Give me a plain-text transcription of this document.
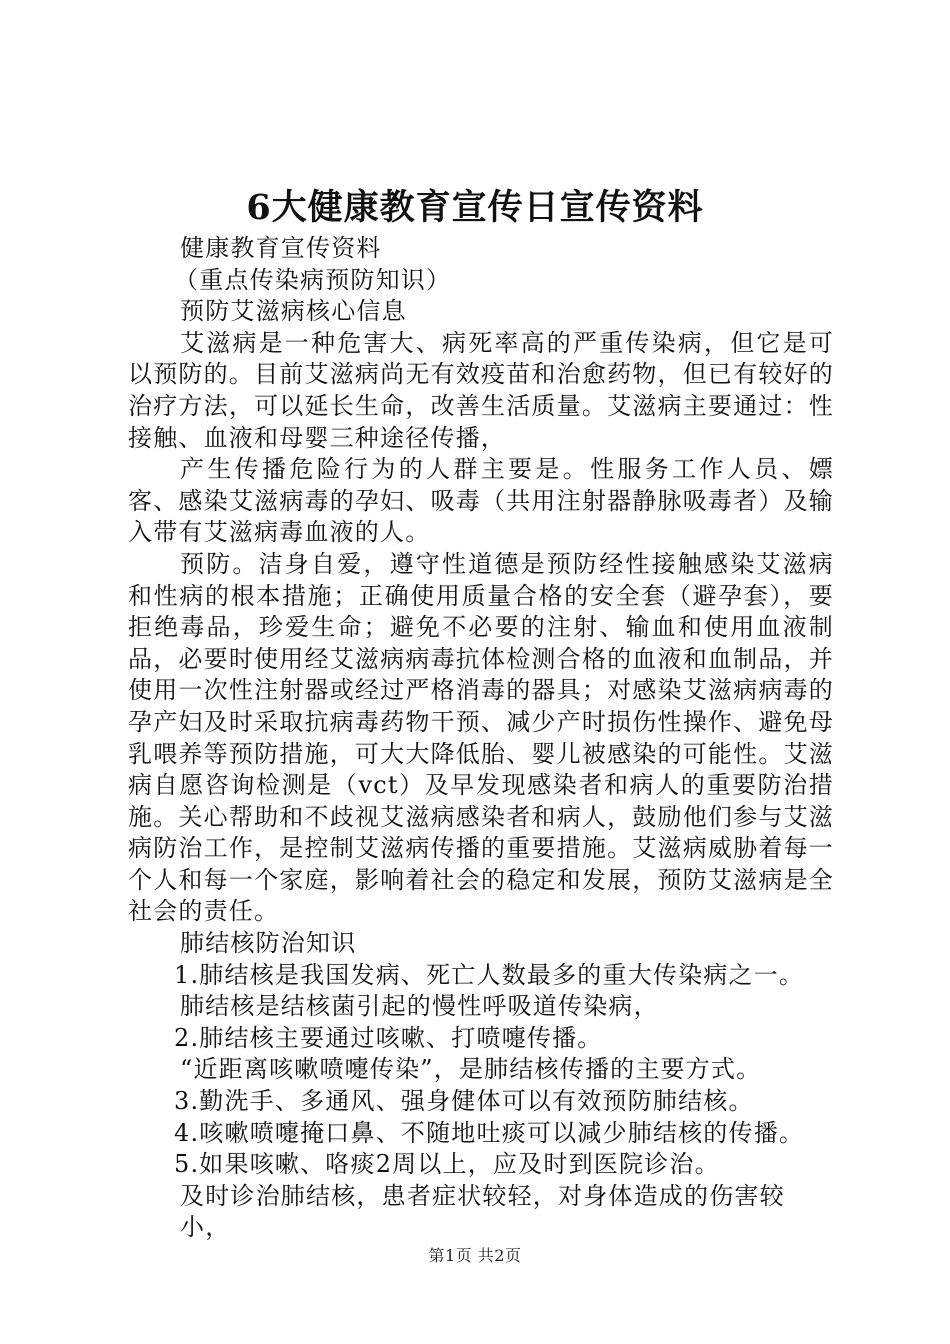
6大健康教育宣传日宣传资料

健康教育宣传资料

（重点传染病预防知识）

预防艾滋病核心信息

艾滋病是一种危害大、病死率高的严重传染病，但它是可以预防的。目前艾滋病尚无有效疫苗和治愈药物，但已有较好的治疗方法，可以延长生命，改善生活质量。艾滋病主要通过：性接触、血液和母婴三种途径传播，

产生传播危险行为的人群主要是。性服务工作人员、嫖客、感染艾滋病毒的孕妇、吸毒（共用注射器静脉吸毒者）及输入带有艾滋病毒血液的人。

预防。洁身自爱，遵守性道德是预防经性接触感染艾滋病和性病的根本措施；正确使用质量合格的安全套（避孕套），要拒绝毒品，珍爱生命；避免不必要的注射、输血和使用血液制品，必要时使用经艾滋病病毒抗体检测合格的血液和血制品，并使用一次性注射器或经过严格消毒的器具；对感染艾滋病病毒的孕产妇及时采取抗病毒药物干预、减少产时损伤性操作、避免母乳喂养等预防措施，可大大降低胎、婴儿被感染的可能性。艾滋病自愿咨询检测是（vct）及早发现感染者和病人的重要防治措施。关心帮助和不歧视艾滋病感染者和病人，鼓励他们参与艾滋病防治工作，是控制艾滋病传播的重要措施。艾滋病威胁着每一个人和每一个家庭，影响着社会的稳定和发展，预防艾滋病是全社会的责任。

肺结核防治知识

1.肺结核是我国发病、死亡人数最多的重大传染病之一。

肺结核是结核菌引起的慢性呼吸道传染病，

2.肺结核主要通过咳嗽、打喷嚏传播。

“近距离咳嗽喷嚏传染”，是肺结核传播的主要方式。

3.勤洗手、多通风、强身健体可以有效预防肺结核。

4.咳嗽喷嚏掩口鼻、不随地吐痰可以减少肺结核的传播。

5.如果咳嗽、咯痰2周以上，应及时到医院诊治。

及时诊治肺结核，患者症状较轻，对身体造成的伤害较小，

第1页 共2页
